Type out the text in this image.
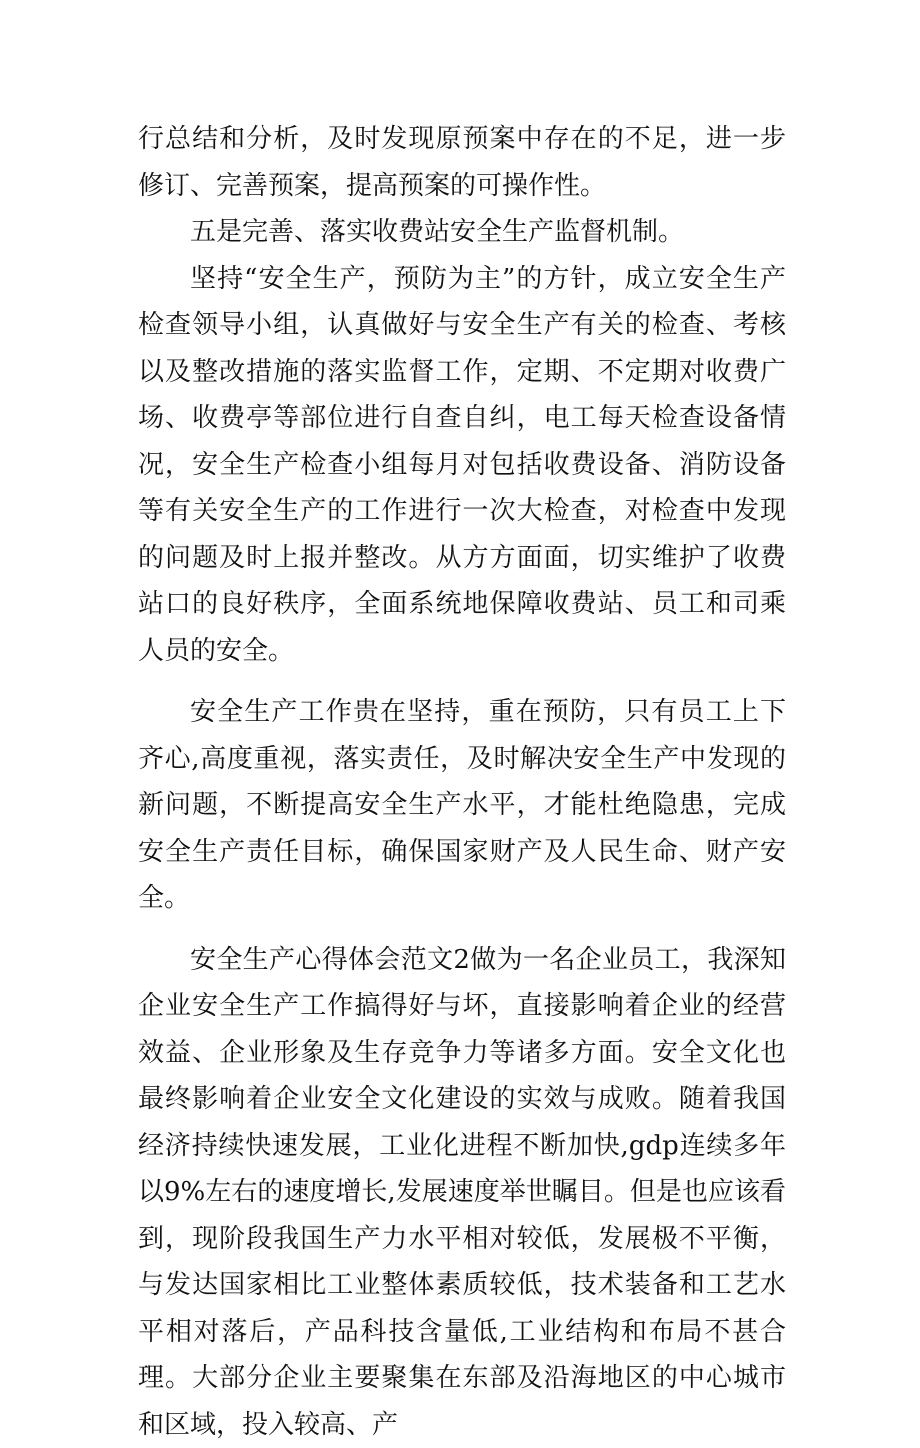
行总结和分析，及时发现原预案中存在的不足，进一步修订、完善预案，提高预案的可操作性。

五是完善、落实收费站安全生产监督机制。

坚持“安全生产，预防为主”的方针，成立安全生产检查领导小组，认真做好与安全生产有关的检查、考核以及整改措施的落实监督工作，定期、不定期对收费广场、收费亭等部位进行自查自纠，电工每天检查设备情况，安全生产检查小组每月对包括收费设备、消防设备等有关安全生产的工作进行一次大检查，对检查中发现的问题及时上报并整改。从方方面面，切实维护了收费站口的良好秩序，全面系统地保障收费站、员工和司乘人员的安全。

安全生产工作贵在坚持，重在预防，只有员工上下齐心,高度重视，落实责任，及时解决安全生产中发现的新问题，不断提高安全生产水平，才能杜绝隐患，完成安全生产责任目标，确保国家财产及人民生命、财产安全。

安全生产心得体会范文2做为一名企业员工，我深知企业安全生产工作搞得好与坏，直接影响着企业的经营效益、企业形象及生存竞争力等诸多方面。安全文化也最终影响着企业安全文化建设的实效与成败。随着我国经济持续快速发展，工业化进程不断加快,gdp连续多年以9%左右的速度增长,发展速度举世瞩目。但是也应该看到，现阶段我国生产力水平相对较低，发展极不平衡，与发达国家相比工业整体素质较低，技术装备和工艺水平相对落后，产品科技含量低,工业结构和布局不甚合理。大部分企业主要聚集在东部及沿海地区的中心城市和区域，投入较高、产
